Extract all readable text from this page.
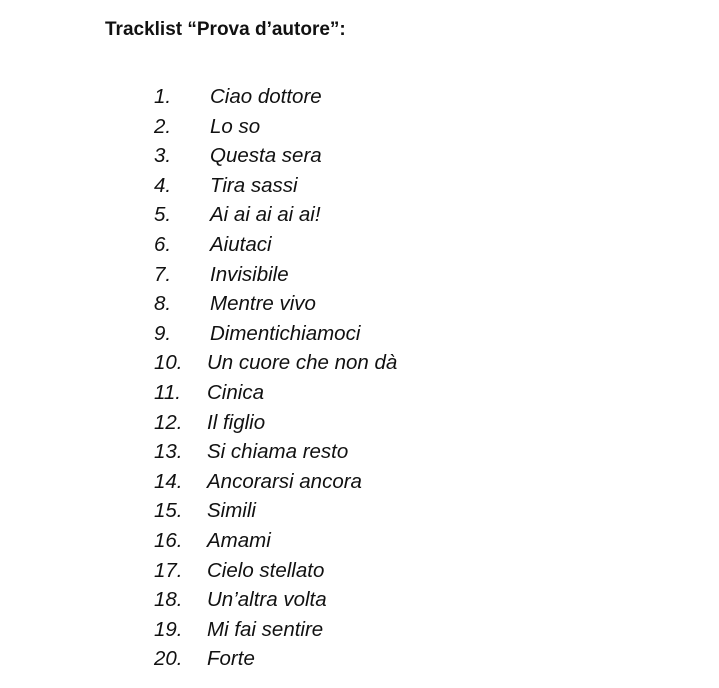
Tracklist “Prova d’autore”:
1. Ciao dottore
2. Lo so
3. Questa sera
4. Tira sassi
5. Ai ai ai ai ai!
6. Aiutaci
7. Invisibile
8. Mentre vivo
9. Dimentichiamoci
10. Un cuore che non dà
11. Cinica
12. Il figlio
13. Si chiama resto
14. Ancorarsi ancora
15. Simili
16. Amami
17. Cielo stellato
18. Un’altra volta
19. Mi fai sentire
20. Forte
